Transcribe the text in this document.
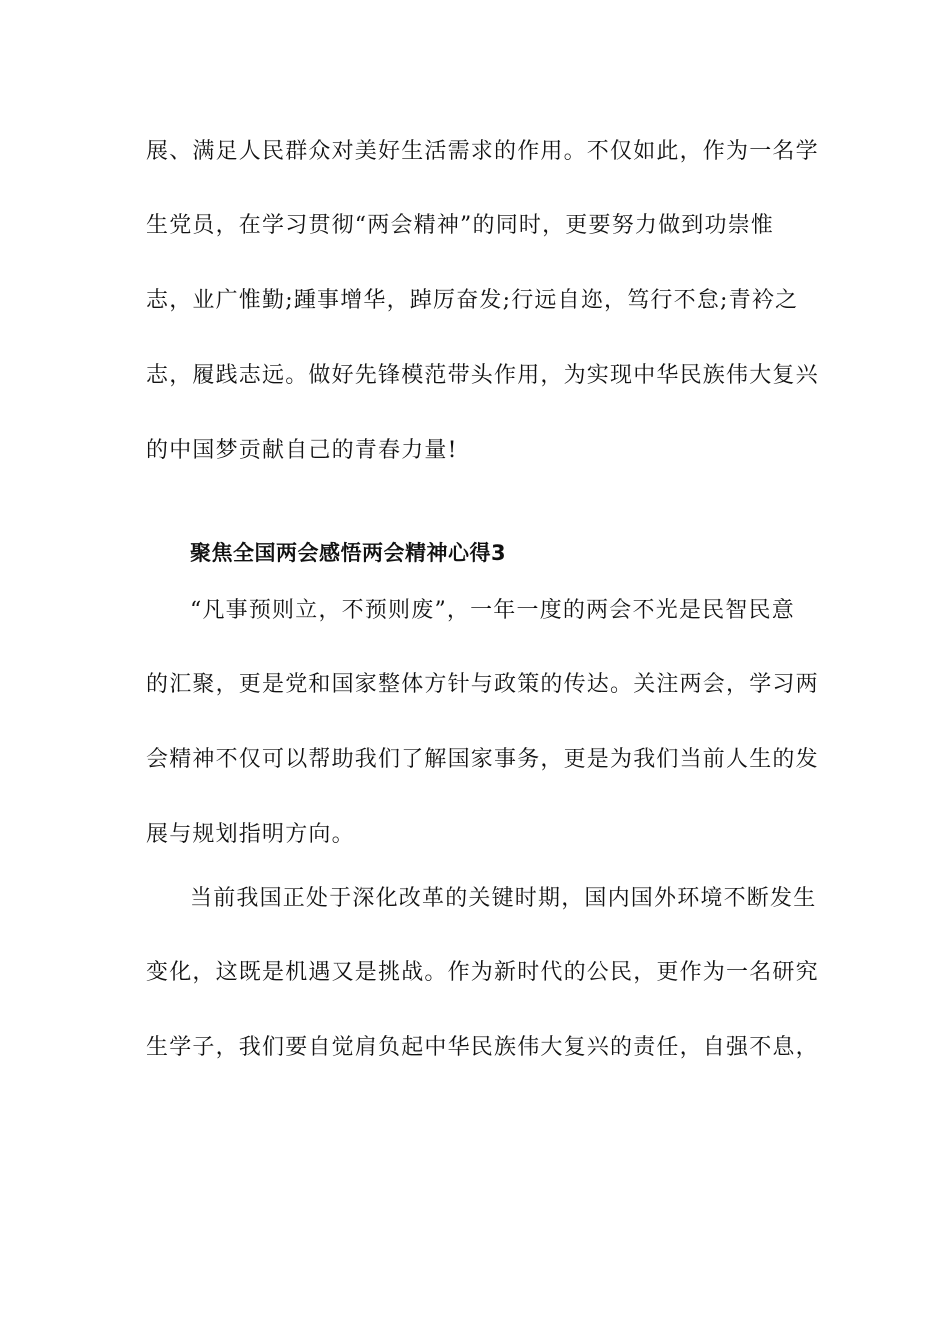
展、满足人民群众对美好生活需求的作用。不仅如此，作为一名学
生党员，在学习贯彻“两会精神”的同时，更要努力做到功崇惟
志，业广惟勤;踵事增华，踔厉奋发;行远自迩，笃行不怠;青衿之
志，履践志远。做好先锋模范带头作用，为实现中华民族伟大复兴
的中国梦贡献自己的青春力量!
聚焦全国两会感悟两会精神心得3
“凡事预则立，不预则废”，一年一度的两会不光是民智民意
的汇聚，更是党和国家整体方针与政策的传达。关注两会，学习两
会精神不仅可以帮助我们了解国家事务，更是为我们当前人生的发
展与规划指明方向。
当前我国正处于深化改革的关键时期，国内国外环境不断发生
变化，这既是机遇又是挑战。作为新时代的公民，更作为一名研究
生学子，我们要自觉肩负起中华民族伟大复兴的责任，自强不息，
